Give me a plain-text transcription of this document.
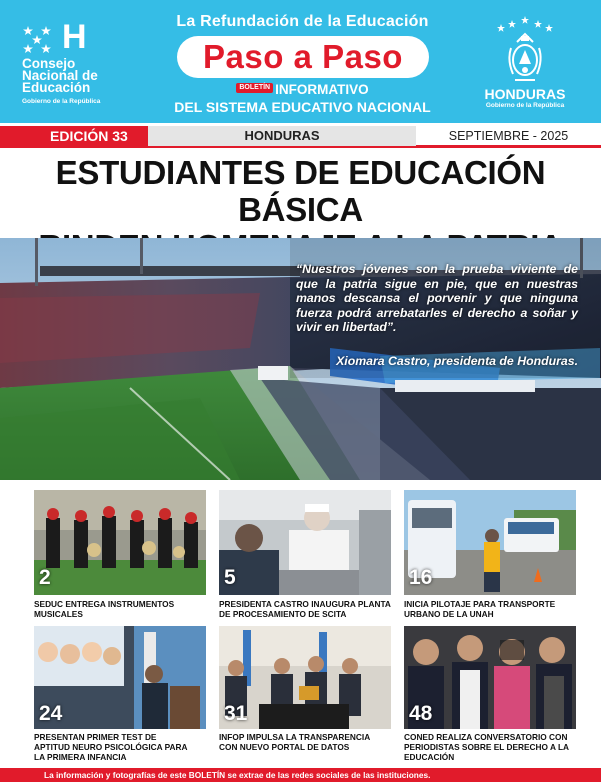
H
Consejo
Nacional de
Educación
Gobierno de la República
La Refundación de la Educación
Paso a Paso
BOLETÍN INFORMATIVO
DEL SISTEMA EDUCATIVO NACIONAL
HONDURAS
Gobierno de la República
EDICIÓN 33	HONDURAS	SEPTIEMBRE - 2025
ESTUDIANTES DE EDUCACIÓN BÁSICA
“Nuestros jóvenes son la prueba viviente de que la patria sigue en pie, que en nuestras manos descansa el porvenir y que ninguna fuerza podrá arrebatarles el derecho a soñar y vivir en libertad”.
Xiomara Castro, presidenta de Honduras.
2
SEDUC ENTREGA INSTRUMENTOS MUSICALES
5
PRESIDENTA CASTRO INAUGURA PLANTA DE PROCESAMIENTO DE SCITA
16
INICIA PILOTAJE PARA TRANSPORTE URBANO DE LA UNAH
24
PRESENTAN PRIMER TEST DE APTITUD NEURO PSICOLÓGICA PARA LA PRIMERA INFANCIA
31
INFOP IMPULSA LA TRANSPARENCIA CON NUEVO PORTAL DE DATOS
48
CONED REALIZA CONVERSATORIO CON PERIODISTAS SOBRE EL DERECHO A LA EDUCACIÓN
La información y fotografías de este BOLETÍN se extrae de las redes sociales de las instituciones.
